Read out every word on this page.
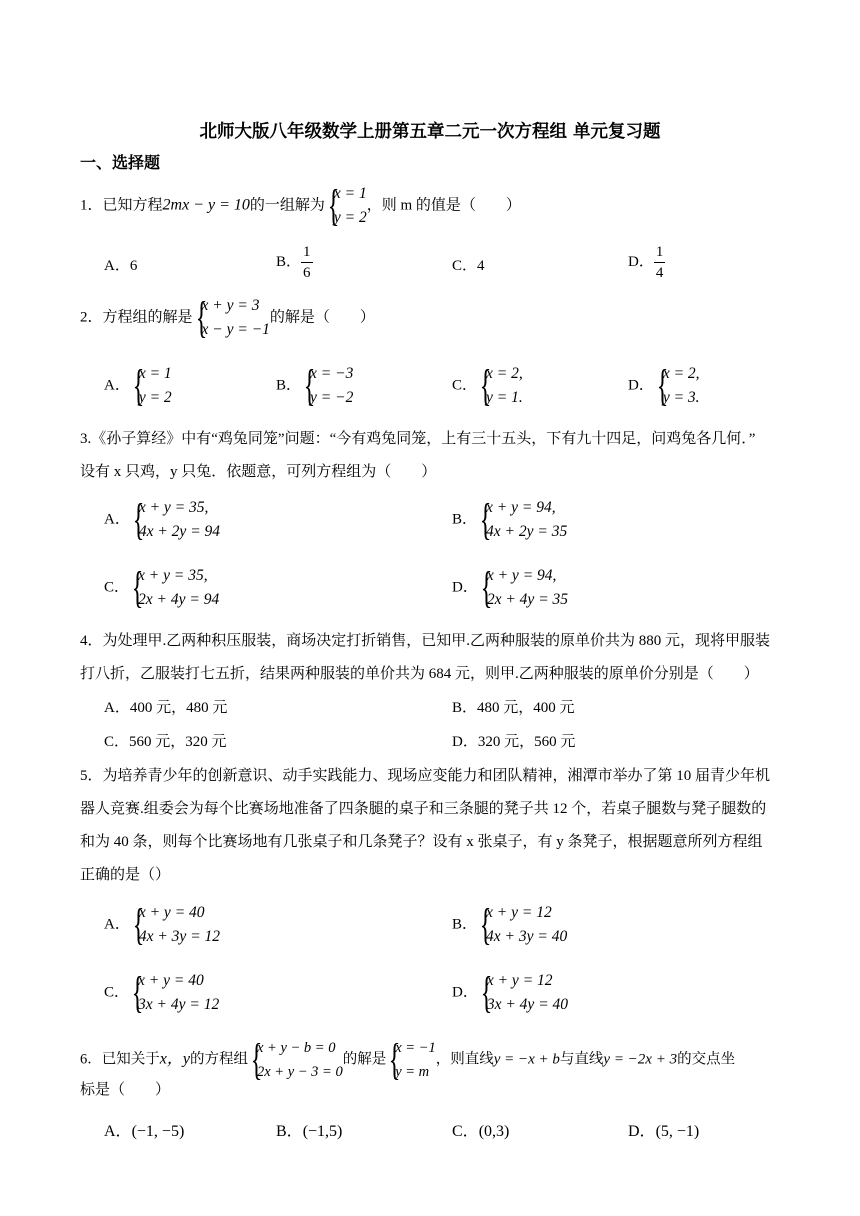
北师大版八年级数学上册第五章二元一次方程组 单元复习题
一、选择题
1．已知方程2mx − y = 10的一组解为
{ x = 1
y = 2
，则 m 的值是（　　）
A．6	B． $\frac{1}{6}$	C．4	D． $\frac{1}{4}$
2．方程组的解是
{ x + y = 3
x − y = −1
的解是（　　）
A．
{ x = 1
y = 2
B．
{ x = −3
y = −2
C．
{ x = 2,
y = 1.
D．
{ x = 2,
y = 3.
3.《孙子算经》中有“鸡兔同笼”问题：“今有鸡兔同笼，上有三十五头，下有九十四足，问鸡兔各几何．”
设有 x 只鸡，y 只兔．依题意，可列方程组为（　　）
A．
{ x + y = 35,
4x + 2y = 94
B．
{ x + y = 94,
4x + 2y = 35
C．
{ x + y = 35,
2x + 4y = 94
D．
{ x + y = 94,
2x + 4y = 35
4．为处理甲.乙两种积压服装，商场决定打折销售，已知甲.乙两种服装的原单价共为 880 元，现将甲服装
打八折，乙服装打七五折，结果两种服装的单价共为 684 元，则甲.乙两种服装的原单价分别是（　　）
A．400 元，480 元	B．480 元，400 元
C．560 元，320 元	D．320 元，560 元
5．为培养青少年的创新意识、动手实践能力、现场应变能力和团队精神，湘潭市举办了第 10 届青少年机
器人竞赛.组委会为每个比赛场地准备了四条腿的桌子和三条腿的凳子共 12 个，若桌子腿数与凳子腿数的
和为 40 条，则每个比赛场地有几张桌子和几条凳子？设有 x 张桌子，有 y 条凳子，根据题意所列方程组
正确的是（）
A．
{ x + y = 40
4x + 3y = 12
B．
{ x + y = 12
4x + 3y = 40
C．
{ x + y = 40
3x + 4y = 12
D．
{ x + y = 12
3x + 4y = 40
6．已知关于x，y的方程组
{ x + y − b = 0
2x + y − 3 = 0
的解是
{ x = −1
y = m
，则直线y = −x + b与直线y = −2x + 3的交点坐
标是（　　）
A．(−1, −5)	B．(−1,5)	C．(0,3)	D．(5, −1)
